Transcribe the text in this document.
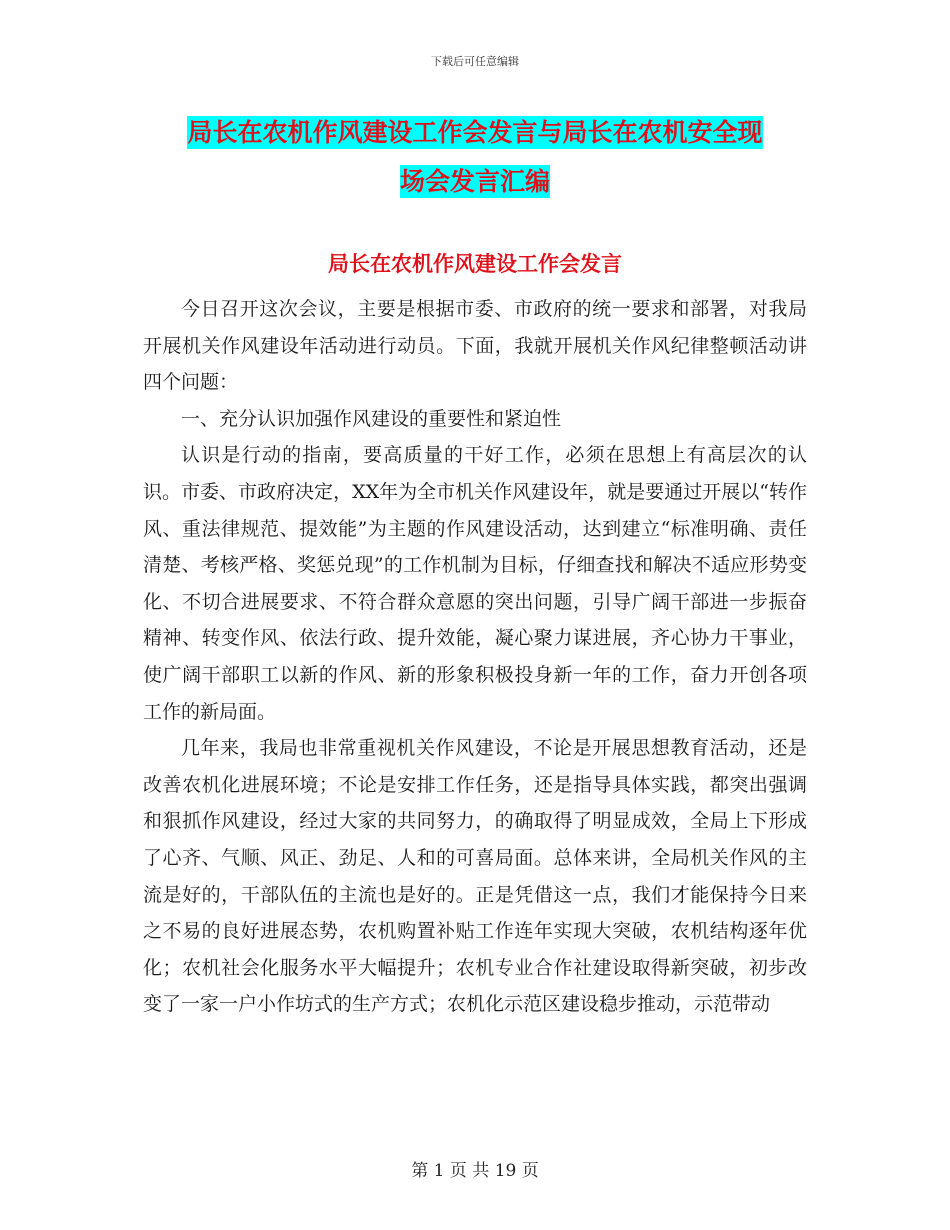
下载后可任意编辑
局长在农机作风建设工作会发言与局长在农机安全现
场会发言汇编
局长在农机作风建设工作会发言

今日召开这次会议，主要是根据市委、市政府的统一要求和部署，对我局开展机关作风建设年活动进行动员。下面，我就开展机关作风纪律整顿活动讲四个问题：

一、充分认识加强作风建设的重要性和紧迫性

认识是行动的指南，要高质量的干好工作，必须在思想上有高层次的认识。市委、市政府决定，XX年为全市机关作风建设年，就是要通过开展以“转作风、重法律规范、提效能”为主题的作风建设活动，达到建立“标准明确、责任清楚、考核严格、奖惩兑现”的工作机制为目标，仔细查找和解决不适应形势变化、不切合进展要求、不符合群众意愿的突出问题，引导广阔干部进一步振奋精神、转变作风、依法行政、提升效能，凝心聚力谋进展，齐心协力干事业，使广阔干部职工以新的作风、新的形象积极投身新一年的工作，奋力开创各项工作的新局面。

几年来，我局也非常重视机关作风建设，不论是开展思想教育活动，还是改善农机化进展环境；不论是安排工作任务，还是指导具体实践，都突出强调和狠抓作风建设，经过大家的共同努力，的确取得了明显成效，全局上下形成了心齐、气顺、风正、劲足、人和的可喜局面。总体来讲，全局机关作风的主流是好的，干部队伍的主流也是好的。正是凭借这一点，我们才能保持今日来之不易的良好进展态势，农机购置补贴工作连年实现大突破，农机结构逐年优化；农机社会化服务水平大幅提升；农机专业合作社建设取得新突破，初步改变了一家一户小作坊式的生产方式；农机化示范区建设稳步推动，示范带动

第 1 页 共 19 页
